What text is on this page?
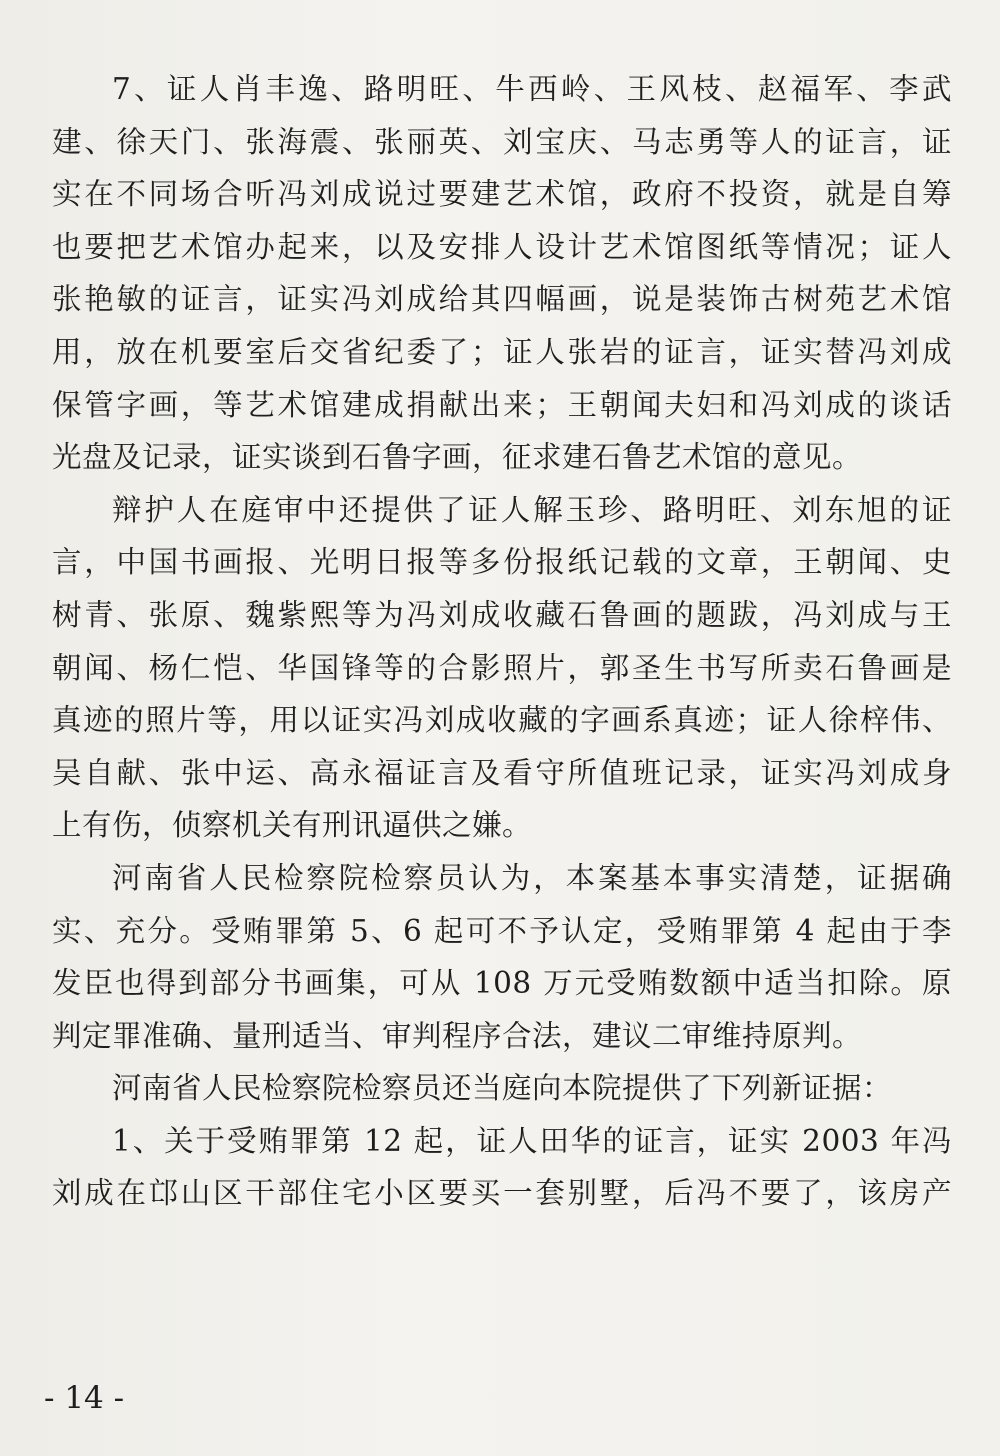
7、证人肖丰逸、路明旺、牛西岭、王风枝、赵福军、李武
建、徐天门、张海震、张丽英、刘宝庆、马志勇等人的证言，证
实在不同场合听冯刘成说过要建艺术馆，政府不投资，就是自筹
也要把艺术馆办起来，以及安排人设计艺术馆图纸等情况；证人
张艳敏的证言，证实冯刘成给其四幅画，说是装饰古树苑艺术馆
用，放在机要室后交省纪委了；证人张岩的证言，证实替冯刘成
保管字画，等艺术馆建成捐献出来；王朝闻夫妇和冯刘成的谈话
光盘及记录，证实谈到石鲁字画，征求建石鲁艺术馆的意见。
辩护人在庭审中还提供了证人解玉珍、路明旺、刘东旭的证
言，中国书画报、光明日报等多份报纸记载的文章，王朝闻、史
树青、张原、魏紫熙等为冯刘成收藏石鲁画的题跋，冯刘成与王
朝闻、杨仁恺、华国锋等的合影照片，郭圣生书写所卖石鲁画是
真迹的照片等，用以证实冯刘成收藏的字画系真迹；证人徐梓伟、
吴自献、张中运、高永福证言及看守所值班记录，证实冯刘成身
上有伤，侦察机关有刑讯逼供之嫌。
河南省人民检察院检察员认为，本案基本事实清楚，证据确
实、充分。受贿罪第 5、6 起可不予认定，受贿罪第 4 起由于李
发臣也得到部分书画集，可从 108 万元受贿数额中适当扣除。原
判定罪准确、量刑适当、审判程序合法，建议二审维持原判。
河南省人民检察院检察员还当庭向本院提供了下列新证据：
1、关于受贿罪第 12 起，证人田华的证言，证实 2003 年冯
刘成在邙山区干部住宅小区要买一套别墅，后冯不要了，该房产
- 14 -
